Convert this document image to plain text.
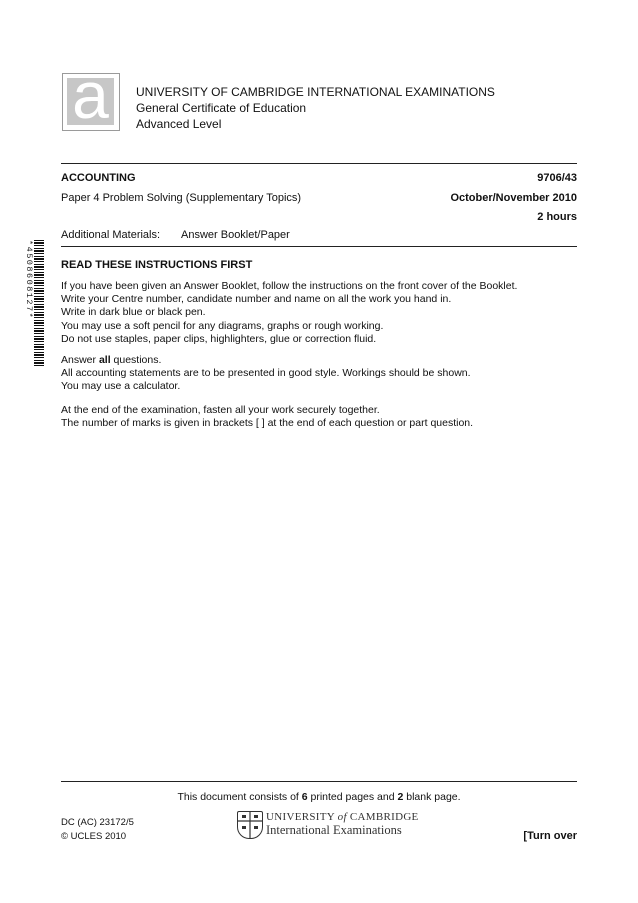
a	UNIVERSITY OF CAMBRIDGE INTERNATIONAL EXAMINATIONS
General Certificate of Education
Advanced Level
ACCOUNTING	9706/43
Paper 4 Problem Solving (Supplementary Topics)	October/November 2010
2 hours
Additional Materials: Answer Booklet/Paper
*4508608127* READ THESE INSTRUCTIONS FIRST

If you have been given an Answer Booklet, follow the instructions on the front cover of the Booklet.

Write your Centre number, candidate number and name on all the work you hand in.

Write in dark blue or black pen.

You may use a soft pencil for any diagrams, graphs or rough working.

Do not use staples, paper clips, highlighters, glue or correction fluid.

Answer all questions.

All accounting statements are to be presented in good style. Workings should be shown.

You may use a calculator.

At the end of the examination, fasten all your work securely together.

The number of marks is given in brackets [ ] at the end of each question or part question.

This document consists of 6 printed pages and 2 blank page.
DC (AC) 23172/5
© UCLES 2010
UNIVERSITY of CAMBRIDGE
International Examinations	[Turn over
